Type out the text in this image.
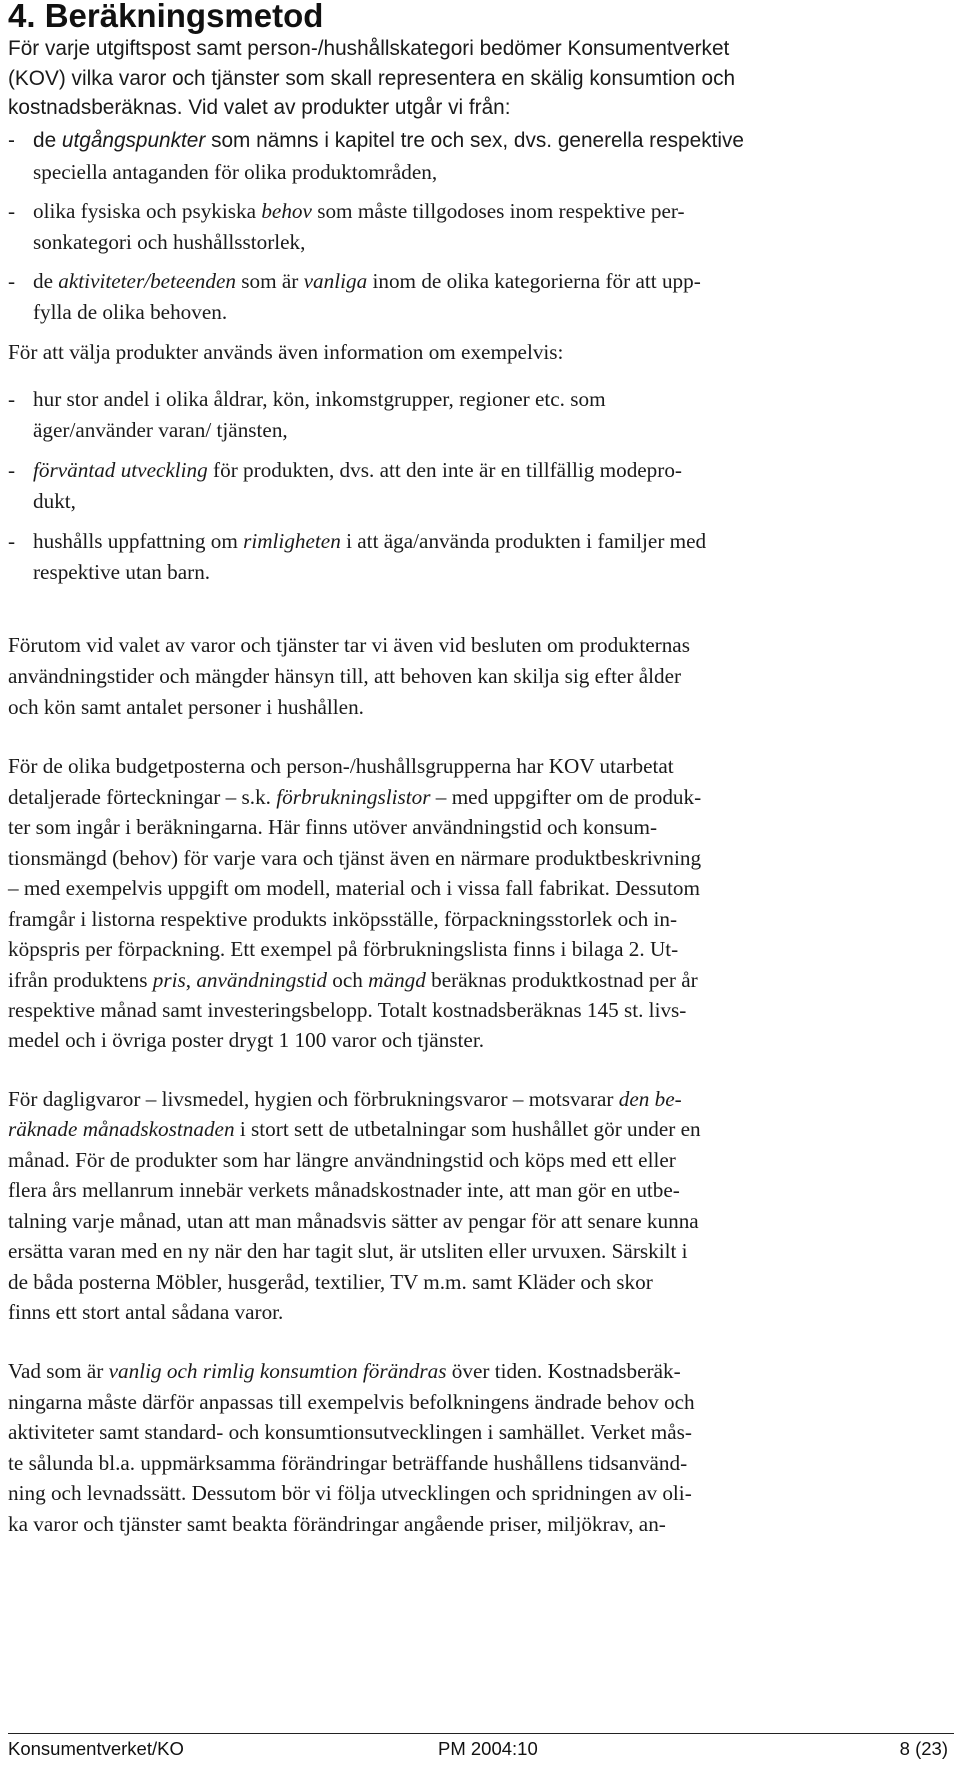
4. Beräkningsmetod

För varje utgiftspost samt person-/hushållskategori bedömer Konsumentverket

(KOV) vilka varor och tjänster som skall representera en skälig konsumtion och

kostnadsberäknas. Vid valet av produkter utgår vi från:

- de utgångspunkter som nämns i kapitel tre och sex, dvs. generella respektive

speciella antaganden för olika produktområden,

- olika fysiska och psykiska behov som måste tillgodoses inom respektive per-

sonkategori och hushållsstorlek,

- de aktiviteter/beteenden som är vanliga inom de olika kategorierna för att upp-

fylla de olika behoven.

För att välja produkter används även information om exempelvis:

- hur stor andel i olika åldrar, kön, inkomstgrupper, regioner etc. som

äger/använder varan/ tjänsten,

- förväntad utveckling för produkten, dvs. att den inte är en tillfällig modepro-

dukt,

- hushålls uppfattning om rimligheten i att äga/använda produkten i familjer med

respektive utan barn.

Förutom vid valet av varor och tjänster tar vi även vid besluten om produkternas

användningstider och mängder hänsyn till, att behoven kan skilja sig efter ålder

och kön samt antalet personer i hushållen.

För de olika budgetposterna och person-/hushållsgrupperna har KOV utarbetat

detaljerade förteckningar – s.k. förbrukningslistor – med uppgifter om de produk-

ter som ingår i beräkningarna. Här finns utöver användningstid och konsum-

tionsmängd (behov) för varje vara och tjänst även en närmare produktbeskrivning

– med exempelvis uppgift om modell, material och i vissa fall fabrikat. Dessutom

framgår i listorna respektive produkts inköpsställe, förpackningsstorlek och in-

köpspris per förpackning. Ett exempel på förbrukningslista finns i bilaga 2. Ut-

ifrån produktens pris, användningstid och mängd beräknas produktkostnad per år

respektive månad samt investeringsbelopp. Totalt kostnadsberäknas 145 st. livs-

medel och i övriga poster drygt 1 100 varor och tjänster.

För dagligvaror – livsmedel, hygien och förbrukningsvaror – motsvarar den be-

räknade månadskostnaden i stort sett de utbetalningar som hushållet gör under en

månad. För de produkter som har längre användningstid och köps med ett eller

flera års mellanrum innebär verkets månadskostnader inte, att man gör en utbe-

talning varje månad, utan att man månadsvis sätter av pengar för att senare kunna

ersätta varan med en ny när den har tagit slut, är utsliten eller urvuxen. Särskilt i

de båda posterna Möbler, husgeråd, textilier, TV m.m. samt Kläder och skor

finns ett stort antal sådana varor.

Vad som är vanlig och rimlig konsumtion förändras över tiden. Kostnadsberäk-

ningarna måste därför anpassas till exempelvis befolkningens ändrade behov och

aktiviteter samt standard- och konsumtionsutvecklingen i samhället. Verket mås-

te sålunda bl.a. uppmärksamma förändringar beträffande hushållens tidsanvänd-

ning och levnadssätt. Dessutom bör vi följa utvecklingen och spridningen av oli-

ka varor och tjänster samt beakta förändringar angående priser, miljökrav, an-

Konsumentverket/KO	PM 2004:10	8 (23)
